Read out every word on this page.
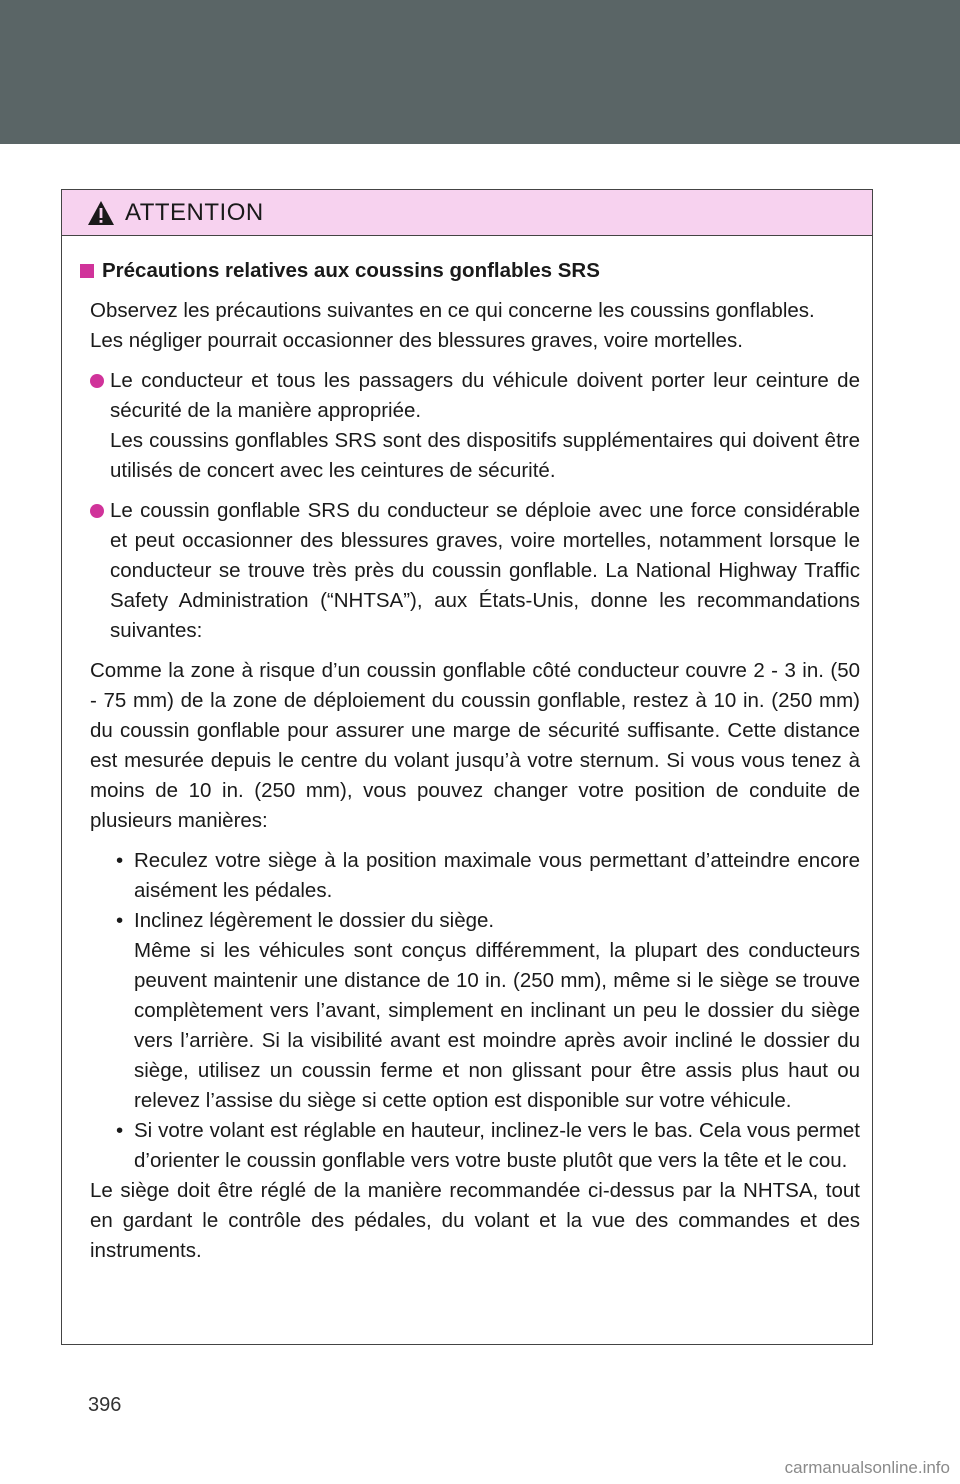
ATTENTION
Précautions relatives aux coussins gonflables SRS

Observez les précautions suivantes en ce qui concerne les coussins gonflables.

Les négliger pourrait occasionner des blessures graves, voire mortelles.

Le conducteur et tous les passagers du véhicule doivent porter leur ceinture de sécurité de la manière appropriée.

Les coussins gonflables SRS sont des dispositifs supplémentaires qui doivent être utilisés de concert avec les ceintures de sécurité.

Le coussin gonflable SRS du conducteur se déploie avec une force considérable et peut occasionner des blessures graves, voire mortelles, notamment lorsque le conducteur se trouve très près du coussin gonflable. La National Highway Traffic Safety Administration (“NHTSA”), aux États-Unis, donne les recommandations suivantes:

Comme la zone à risque d’un coussin gonflable côté conducteur couvre 2 - 3 in. (50 - 75 mm) de la zone de déploiement du coussin gonflable, restez à 10 in. (250 mm) du coussin gonflable pour assurer une marge de sécurité suffisante. Cette distance est mesurée depuis le centre du volant jusqu’à votre sternum. Si vous vous tenez à moins de 10 in. (250 mm), vous pouvez changer votre position de conduite de plusieurs manières:

• Reculez votre siège à la position maximale vous permettant d’atteindre encore aisément les pédales.

• Inclinez légèrement le dossier du siège.

Même si les véhicules sont conçus différemment, la plupart des conducteurs peuvent maintenir une distance de 10 in. (250 mm), même si le siège se trouve complètement vers l’avant, simplement en inclinant un peu le dossier du siège vers l’arrière. Si la visibilité avant est moindre après avoir incliné le dossier du siège, utilisez un coussin ferme et non glissant pour être assis plus haut ou relevez l’assise du siège si cette option est disponible sur votre véhicule.

• Si votre volant est réglable en hauteur, inclinez-le vers le bas. Cela vous permet d’orienter le coussin gonflable vers votre buste plutôt que vers la tête et le cou.

Le siège doit être réglé de la manière recommandée ci-dessus par la NHTSA, tout en gardant le contrôle des pédales, du volant et la vue des commandes et des instruments.

396
carmanualsonline.info
